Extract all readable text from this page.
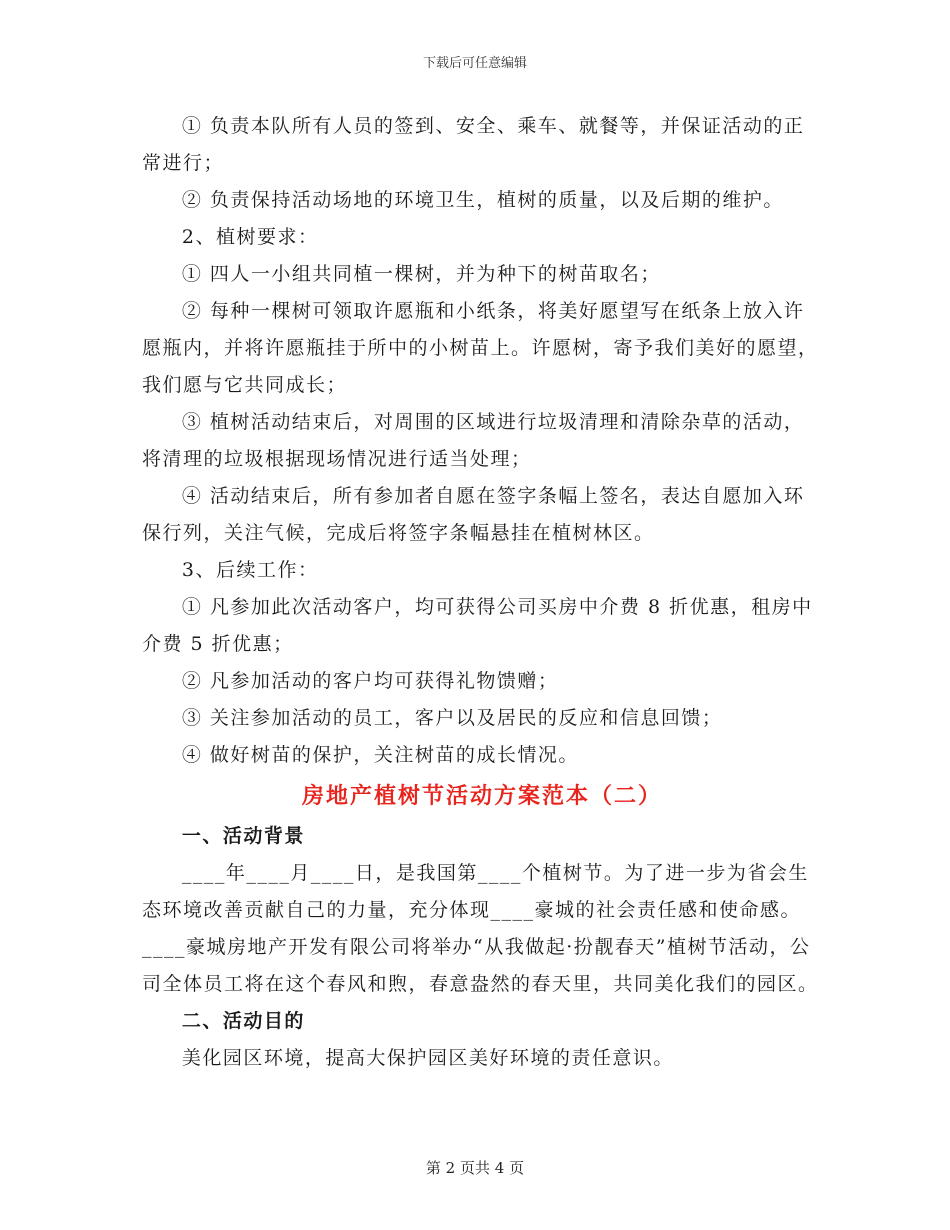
下载后可任意编辑

① 负责本队所有人员的签到、安全、乘车、就餐等，并保证活动的正常进行；

② 负责保持活动场地的环境卫生，植树的质量，以及后期的维护。

2、植树要求：

① 四人一小组共同植一棵树，并为种下的树苗取名；

② 每种一棵树可领取许愿瓶和小纸条，将美好愿望写在纸条上放入许愿瓶内，并将许愿瓶挂于所中的小树苗上。许愿树，寄予我们美好的愿望，我们愿与它共同成长；

③ 植树活动结束后，对周围的区域进行垃圾清理和清除杂草的活动，将清理的垃圾根据现场情况进行适当处理；

④ 活动结束后，所有参加者自愿在签字条幅上签名，表达自愿加入环保行列，关注气候，完成后将签字条幅悬挂在植树林区。

3、后续工作：

① 凡参加此次活动客户，均可获得公司买房中介费 8 折优惠，租房中介费 5 折优惠；

② 凡参加活动的客户均可获得礼物馈赠；

③ 关注参加活动的员工，客户以及居民的反应和信息回馈；

④ 做好树苗的保护，关注树苗的成长情况。

房地产植树节活动方案范本（二）
一、活动背景

____年____月____日，是我国第____个植树节。为了进一步为省会生态环境改善贡献自己的力量，充分体现____豪城的社会责任感和使命感。____豪城房地产开发有限公司将举办“从我做起·扮靓春天”植树节活动，公司全体员工将在这个春风和煦，春意盎然的春天里，共同美化我们的园区。

二、活动目的

美化园区环境，提高大保护园区美好环境的责任意识。

第 2 页共 4 页
